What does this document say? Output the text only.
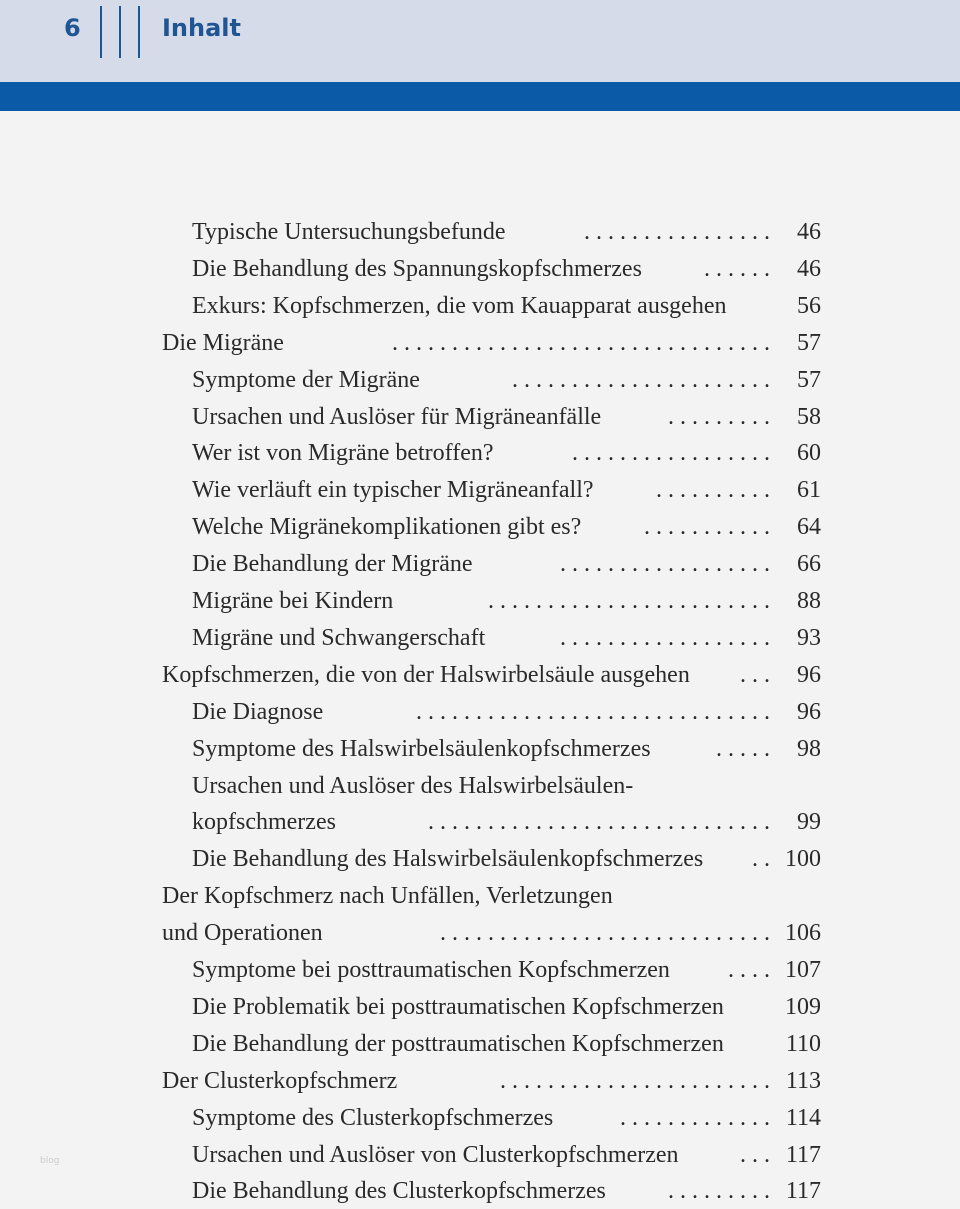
6	Inhalt
Typische Untersuchungsbefunde	. . . . . . . . . . . . . . . . 46
Die Behandlung des Spannungskopfschmerzes	. . . . . . 46
Exkurs: Kopfschmerzen, die vom Kauapparat ausgehen	56
Die Migräne	. . . . . . . . . . . . . . . . . . . . . . . . . . . . . . . . 57
Symptome der Migräne	. . . . . . . . . . . . . . . . . . . . . . 57
Ursachen und Auslöser für Migräneanfälle	. . . . . . . . . 58
Wer ist von Migräne betroffen?	. . . . . . . . . . . . . . . . . 60
Wie verläuft ein typischer Migräneanfall?	. . . . . . . . . . 61
Welche Migränekomplikationen gibt es?	. . . . . . . . . . . 64
Die Behandlung der Migräne	. . . . . . . . . . . . . . . . . . 66
Migräne bei Kindern	. . . . . . . . . . . . . . . . . . . . . . . . 88
Migräne und Schwangerschaft	. . . . . . . . . . . . . . . . . . 93
Kopfschmerzen, die von der Halswirbelsäule ausgehen . . . 96
Die Diagnose	. . . . . . . . . . . . . . . . . . . . . . . . . . . . . . 96
Symptome des Halswirbelsäulenkopfschmerzes	. . . . . 98
Ursachen und Auslöser des Halswirbelsäulen-
kopfschmerzes	. . . . . . . . . . . . . . . . . . . . . . . . . . . . . 99
Die Behandlung des Halswirbelsäulenkopfschmerzes . . 100
Der Kopfschmerz nach Unfällen, Verletzungen
und Operationen	. . . . . . . . . . . . . . . . . . . . . . . . . . . . 106
Symptome bei posttraumatischen Kopfschmerzen . . . . 107
Die Problematik bei posttraumatischen Kopfschmerzen	109
Die Behandlung der posttraumatischen Kopfschmerzen	110
Der Clusterkopfschmerz	. . . . . . . . . . . . . . . . . . . . . . . 113
Symptome des Clusterkopfschmerzes	. . . . . . . . . . . . . 114
Ursachen und Auslöser von Clusterkopfschmerzen	. . . 117
Die Behandlung des Clusterkopfschmerzes	. . . . . . . . . 117
blog
